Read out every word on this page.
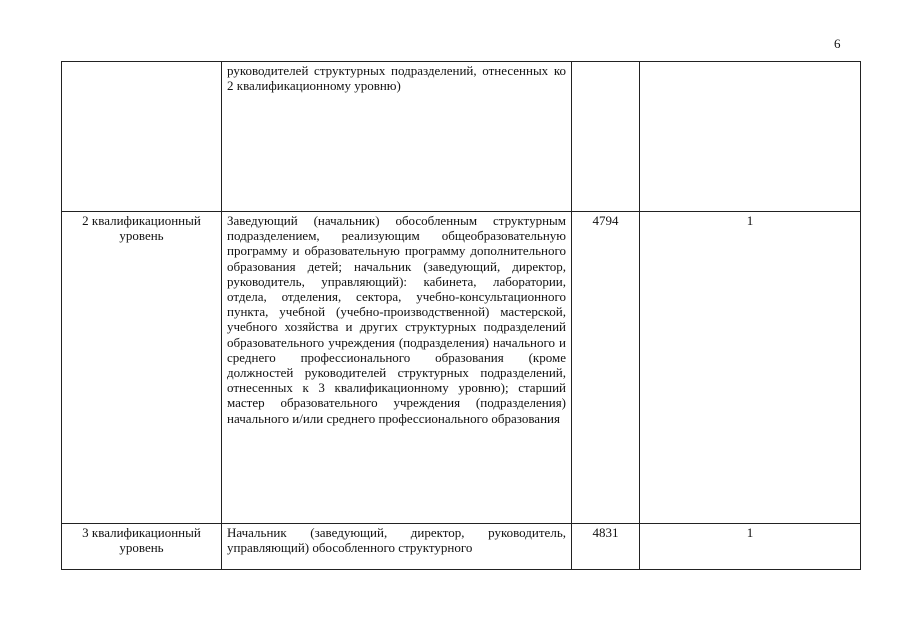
6
	руководителей структурных подразделений, отнесенных ко 2 квалификационному уровню)		
2 квалификационный уровень	Заведующий (начальник) обособленным структурным подразделением, реализующим общеобразовательную программу и образовательную программу дополнительного образования детей; начальник (заведующий, директор, руководитель, управляющий): кабинета, лаборатории, отдела, отделения, сектора, учебно-консультационного пункта, учебной (учебно-производственной) мастерской, учебного хозяйства и других структурных подразделений образовательного учреждения (подразделения) начального и среднего профессионального образования (кроме должностей руководителей структурных подразделений, отнесенных к 3 квалификационному уровню); старший мастер образовательного учреждения (подразделения) начального и/или среднего профессионального образования	4794	1
3 квалификационный уровень	Начальник (заведующий, директор, руководитель, управляющий) обособленного структурного	4831	1
